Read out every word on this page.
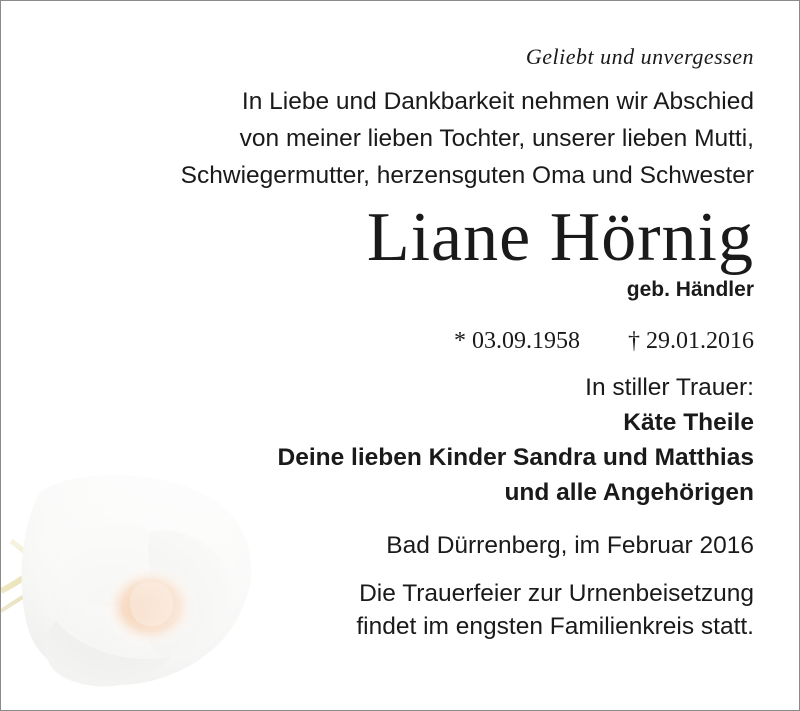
Geliebt und unvergessen
In Liebe und Dankbarkeit nehmen wir Abschied
von meiner lieben Tochter, unserer lieben Mutti,
Schwiegermutter, herzensguten Oma und Schwester
Liane Hörnig
geb. Händler
* 03.09.1958 † 29.01.2016
In stiller Trauer:
Käte Theile
Deine lieben Kinder Sandra und Matthias
und alle Angehörigen
Bad Dürrenberg, im Februar 2016
Die Trauerfeier zur Urnenbeisetzung
findet im engsten Familienkreis statt.
